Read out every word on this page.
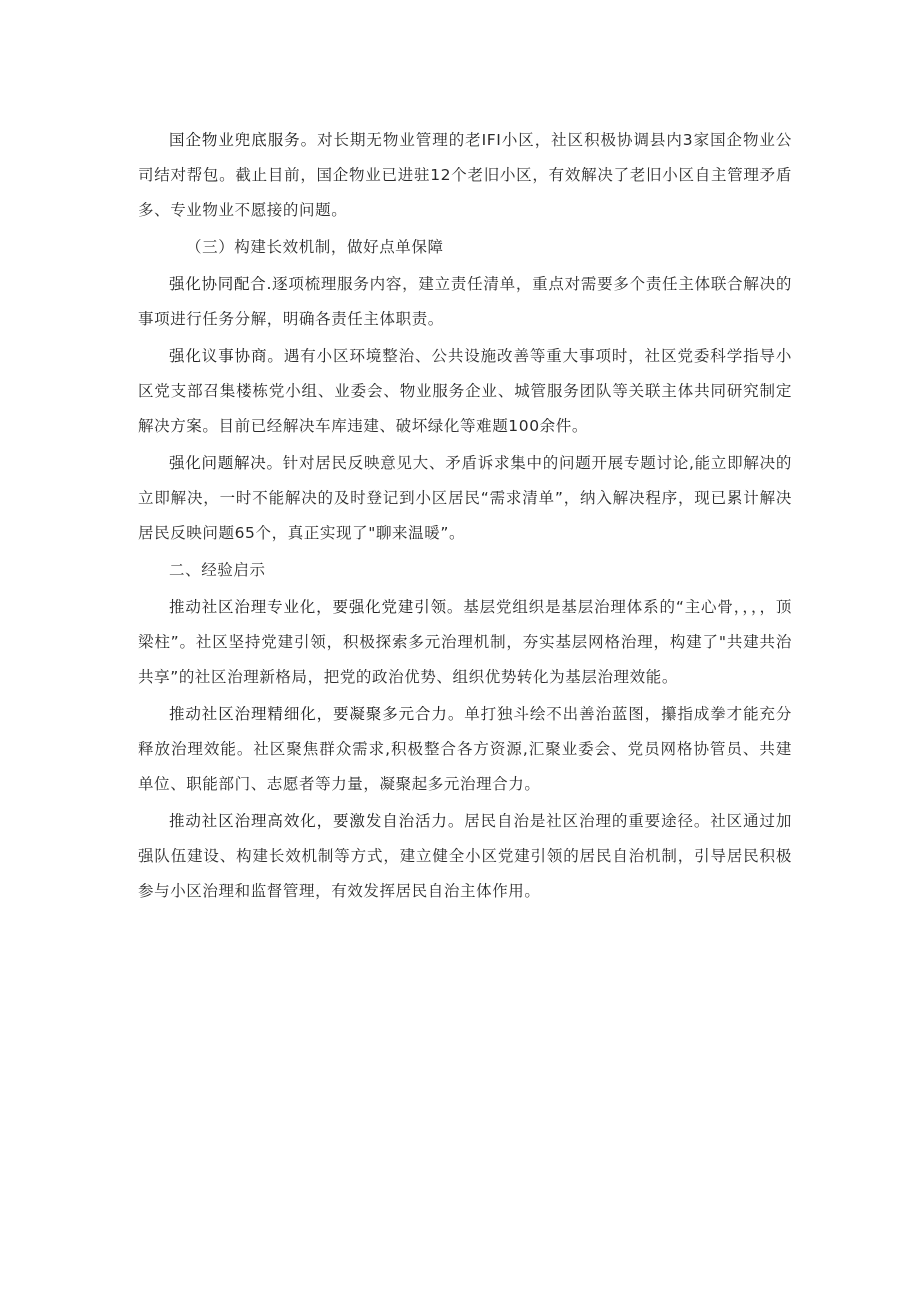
国企物业兜底服务。对长期无物业管理的老IFI小区，社区积极协调县内3家国企物业公司结对帮包。截止目前，国企物业已进驻12个老旧小区，有效解决了老旧小区自主管理矛盾多、专业物业不愿接的问题。

（三）构建长效机制，做好点单保障

强化协同配合.逐项梳理服务内容，建立责任清单，重点对需要多个责任主体联合解决的事项进行任务分解，明确各责任主体职责。

强化议事协商。遇有小区环境整治、公共设施改善等重大事项时，社区党委科学指导小区党支部召集楼栋党小组、业委会、物业服务企业、城管服务团队等关联主体共同研究制定解决方案。目前已经解决车库违建、破坏绿化等难题100余件。

强化问题解决。针对居民反映意见大、矛盾诉求集中的问题开展专题讨论,能立即解决的立即解决，一时不能解决的及时登记到小区居民“需求清单”，纳入解决程序，现已累计解决居民反映问题65个，真正实现了"聊来温暖”。

二、经验启示

推动社区治理专业化，要强化党建引领。基层党组织是基层治理体系的“主心骨，，，，顶梁柱”。社区坚持党建引领，积极探索多元治理机制，夯实基层网格治理，构建了"共建共治共享”的社区治理新格局，把党的政治优势、组织优势转化为基层治理效能。

推动社区治理精细化，要凝聚多元合力。单打独斗绘不出善治蓝图，攥指成拳才能充分释放治理效能。社区聚焦群众需求,积极整合各方资源,汇聚业委会、党员网格协管员、共建单位、职能部门、志愿者等力量，凝聚起多元治理合力。

推动社区治理高效化，要激发自治活力。居民自治是社区治理的重要途径。社区通过加强队伍建设、构建长效机制等方式，建立健全小区党建引领的居民自治机制，引导居民积极参与小区治理和监督管理，有效发挥居民自治主体作用。
